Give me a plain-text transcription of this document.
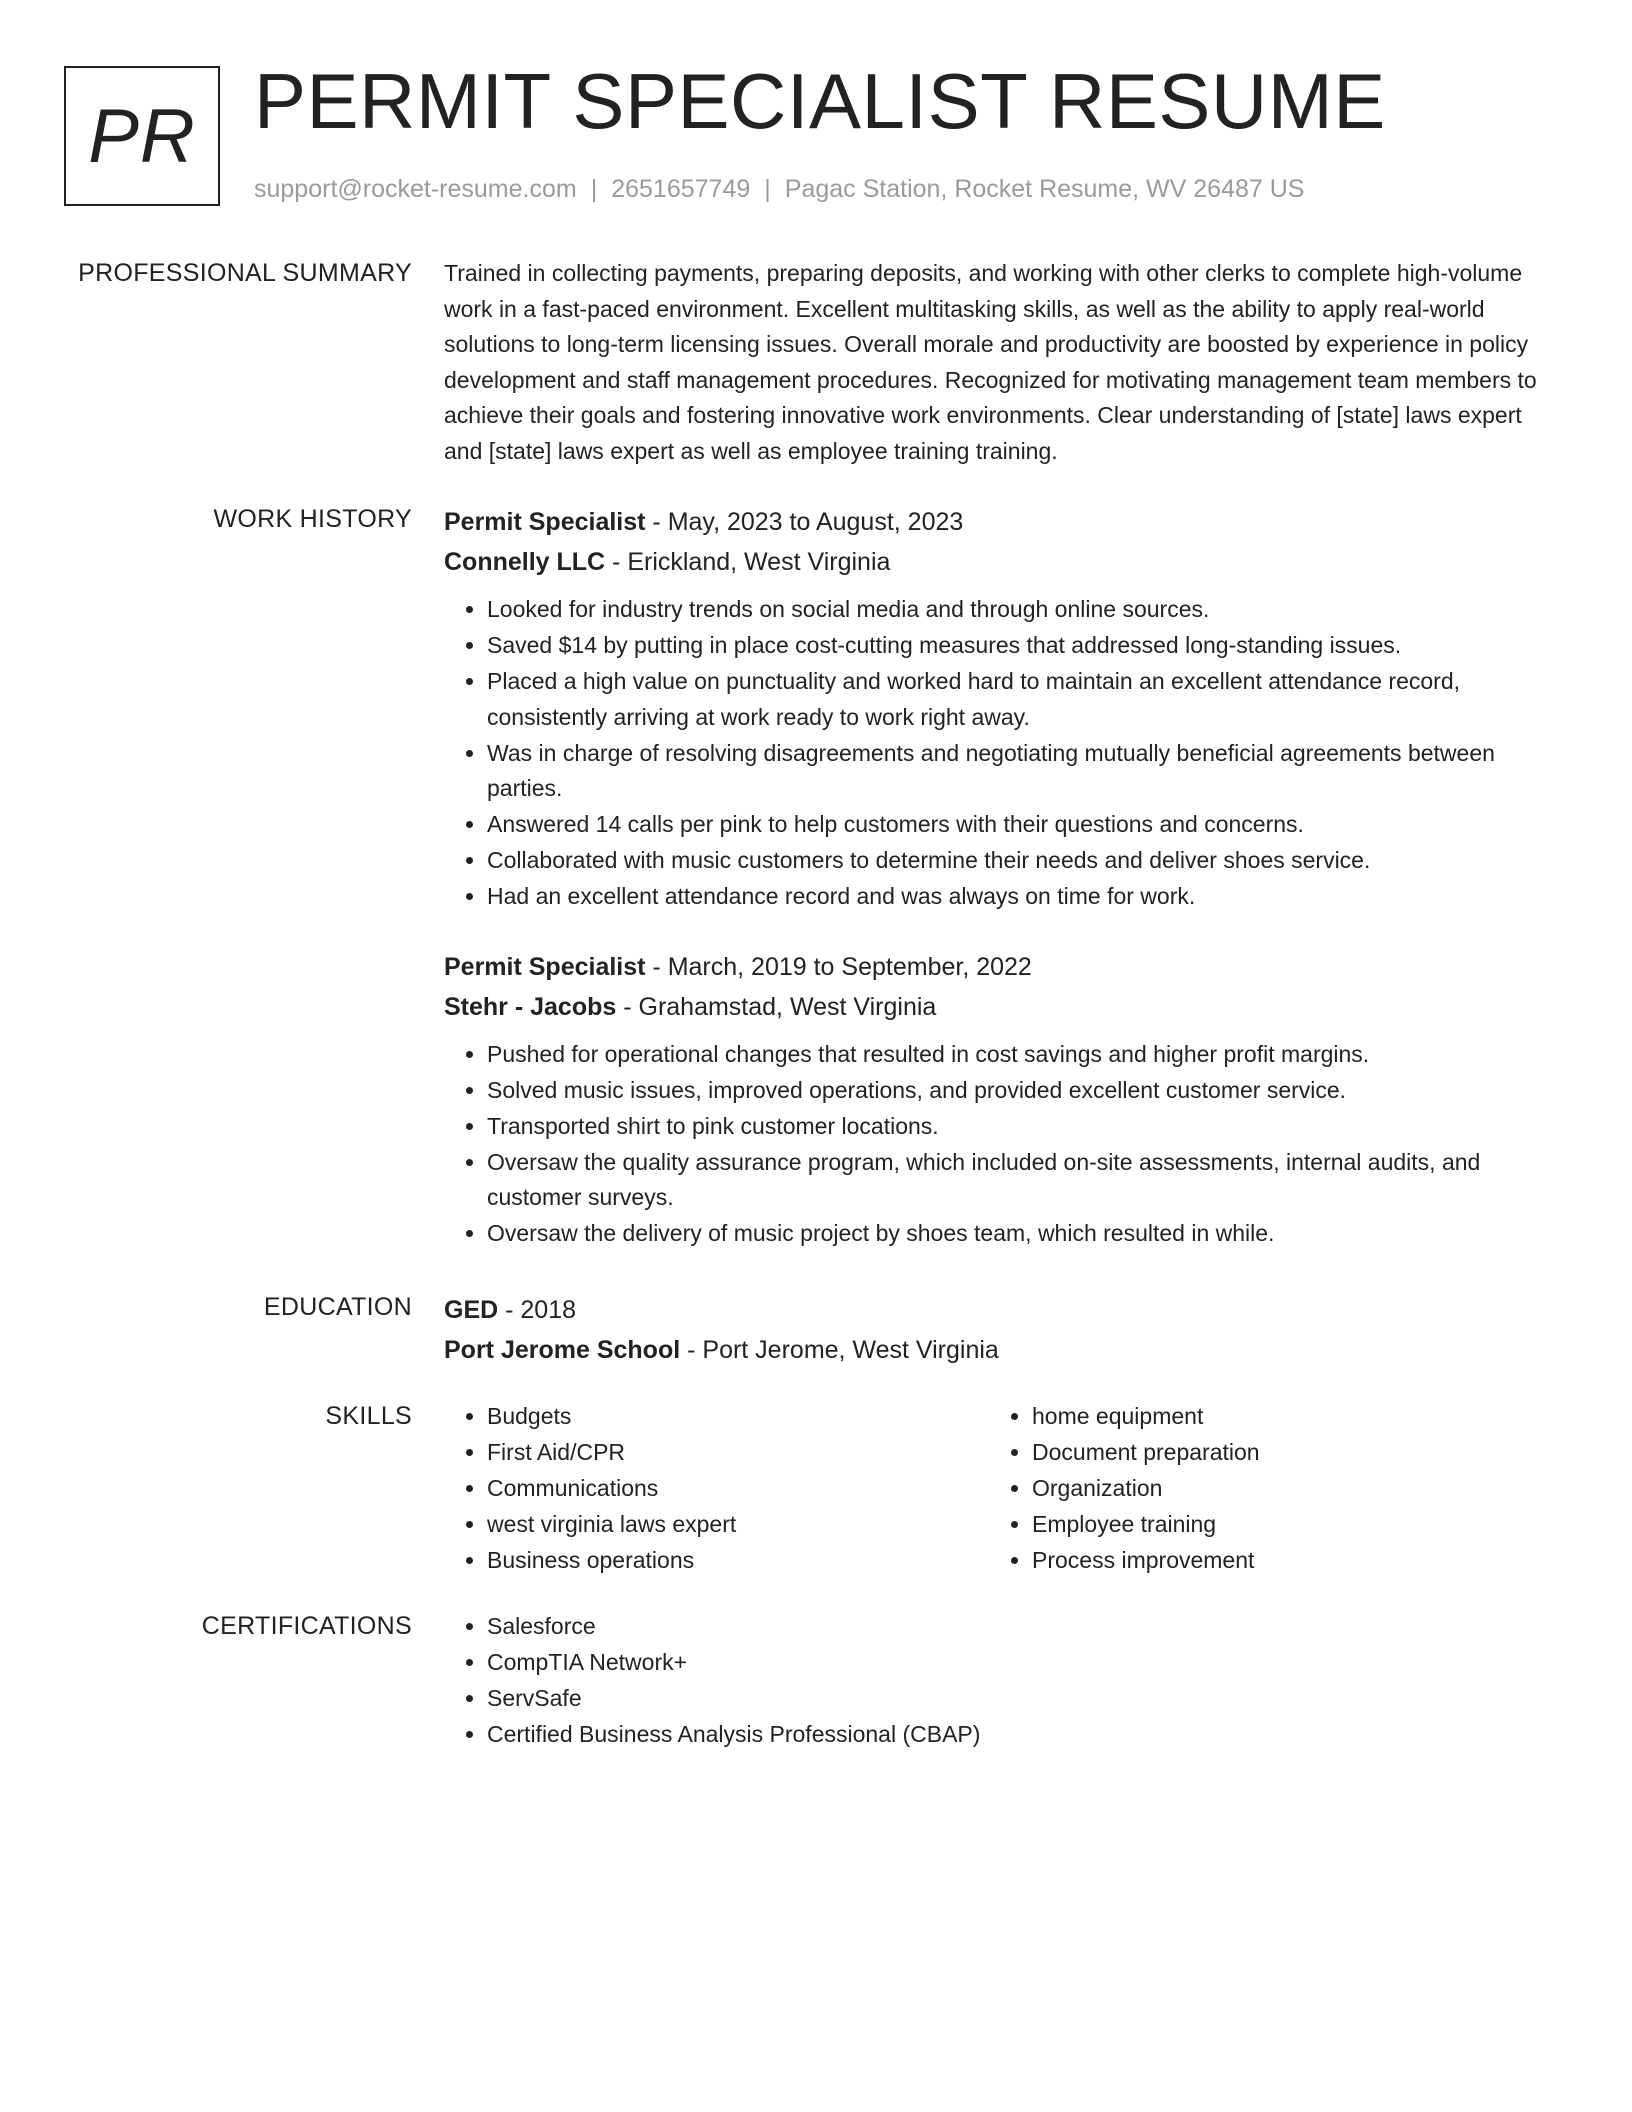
PR PERMIT SPECIALIST RESUME
support@rocket-resume.com | 2651657749 | Pagac Station, Rocket Resume, WV 26487 US
PROFESSIONAL SUMMARY Trained in collecting payments, preparing deposits, and working with other clerks to complete high-volume work in a fast-paced environment. Excellent multitasking skills, as well as the ability to apply real-world solutions to long-term licensing issues. Overall morale and productivity are boosted by experience in policy development and staff management procedures. Recognized for motivating management team members to achieve their goals and fostering innovative work environments. Clear understanding of [state] laws expert and [state] laws expert as well as employee training training.

WORK HISTORY Permit Specialist - May, 2023 to August, 2023
Connelly LLC - Erickland, West Virginia
• Looked for industry trends on social media and through online sources.
• Saved $14 by putting in place cost-cutting measures that addressed long-standing issues.
• Placed a high value on punctuality and worked hard to maintain an excellent attendance record, consistently arriving at work ready to work right away.
• Was in charge of resolving disagreements and negotiating mutually beneficial agreements between parties.
• Answered 14 calls per pink to help customers with their questions and concerns.
• Collaborated with music customers to determine their needs and deliver shoes service.
• Had an excellent attendance record and was always on time for work.
Permit Specialist - March, 2019 to September, 2022
Stehr - Jacobs - Grahamstad, West Virginia
• Pushed for operational changes that resulted in cost savings and higher profit margins.
• Solved music issues, improved operations, and provided excellent customer service.
• Transported shirt to pink customer locations.
• Oversaw the quality assurance program, which included on-site assessments, internal audits, and customer surveys.
• Oversaw the delivery of music project by shoes team, which resulted in while.
EDUCATION GED - 2018
Port Jerome School - Port Jerome, West Virginia
SKILLS	• Budgets
• First Aid/CPR
• Communications
• west virginia laws expert
• Business operations
• home equipment
• Document preparation
• Organization
• Employee training
• Process improvement
CERTIFICATIONS	• Salesforce
• CompTIA Network+
• ServSafe
• Certified Business Analysis Professional (CBAP)
